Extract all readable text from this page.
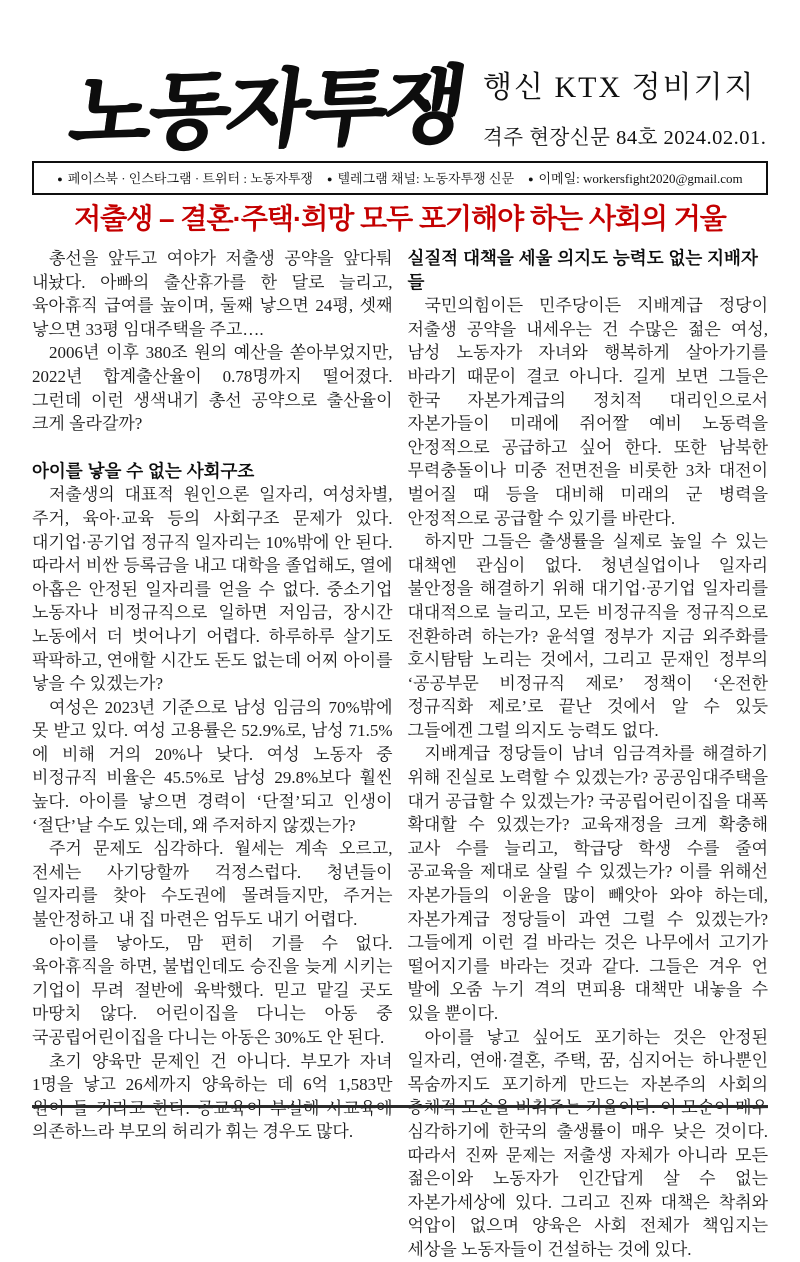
노동자투쟁 행신 KTX 정비기지
격주 현장신문 84호 2024.02.01.
● 페이스북 · 인스타그램 · 트위터 : 노동자투쟁 ● 텔레그램 채널: 노동자투쟁 신문 ● 이메일: workersfight2020@gmail.com
저출생 – 결혼·주택·희망 모두 포기해야 하는 사회의 거울

총선을 앞두고 여야가 저출생 공약을 앞다퉈 내놨다. 아빠의 출산휴가를 한 달로 늘리고, 육아휴직 급여를 높이며, 둘째 낳으면 24평, 셋째 낳으면 33평 임대주택을 주고….

2006년 이후 380조 원의 예산을 쏟아부었지만, 2022년 합계출산율이 0.78명까지 떨어졌다. 그런데 이런 생색내기 총선 공약으로 출산율이 크게 올라갈까?

아이를 낳을 수 없는 사회구조

저출생의 대표적 원인으론 일자리, 여성차별, 주거, 육아·교육 등의 사회구조 문제가 있다. 대기업·공기업 정규직 일자리는 10%밖에 안 된다. 따라서 비싼 등록금을 내고 대학을 졸업해도, 열에 아홉은 안정된 일자리를 얻을 수 없다. 중소기업 노동자나 비정규직으로 일하면 저임금, 장시간 노동에서 더 벗어나기 어렵다. 하루하루 살기도 팍팍하고, 연애할 시간도 돈도 없는데 어찌 아이를 낳을 수 있겠는가?

여성은 2023년 기준으로 남성 임금의 70%밖에 못 받고 있다. 여성 고용률은 52.9%로, 남성 71.5%에 비해 거의 20%나 낮다. 여성 노동자 중 비정규직 비율은 45.5%로 남성 29.8%보다 훨씬 높다. 아이를 낳으면 경력이 ‘단절’되고 인생이 ‘절단’날 수도 있는데, 왜 주저하지 않겠는가?

주거 문제도 심각하다. 월세는 계속 오르고, 전세는 사기당할까 걱정스럽다. 청년들이 일자리를 찾아 수도권에 몰려들지만, 주거는 불안정하고 내 집 마련은 엄두도 내기 어렵다.

아이를 낳아도, 맘 편히 기를 수 없다. 육아휴직을 하면, 불법인데도 승진을 늦게 시키는 기업이 무려 절반에 육박했다. 믿고 맡길 곳도 마땅치 않다. 어린이집을 다니는 아동 중 국공립어린이집을 다니는 아동은 30%도 안 된다.

초기 양육만 문제인 건 아니다. 부모가 자녀 1명을 낳고 26세까지 양육하는 데 6억 1,583만 원이 들 거라고 한다. 공교육이 부실해 사교육에 의존하느라 부모의 허리가 휘는 경우도 많다.

실질적 대책을 세울 의지도 능력도 없는 지배자들

국민의힘이든 민주당이든 지배계급 정당이 저출생 공약을 내세우는 건 수많은 젊은 여성, 남성 노동자가 자녀와 행복하게 살아가기를 바라기 때문이 결코 아니다. 길게 보면 그들은 한국 자본가계급의 정치적 대리인으로서 자본가들이 미래에 쥐어짤 예비 노동력을 안정적으로 공급하고 싶어 한다. 또한 남북한 무력충돌이나 미중 전면전을 비롯한 3차 대전이 벌어질 때 등을 대비해 미래의 군 병력을 안정적으로 공급할 수 있기를 바란다.

하지만 그들은 출생률을 실제로 높일 수 있는 대책엔 관심이 없다. 청년실업이나 일자리 불안정을 해결하기 위해 대기업·공기업 일자리를 대대적으로 늘리고, 모든 비정규직을 정규직으로 전환하려 하는가? 윤석열 정부가 지금 외주화를 호시탐탐 노리는 것에서, 그리고 문재인 정부의 ‘공공부문 비정규직 제로’ 정책이 ‘온전한 정규직화 제로’로 끝난 것에서 알 수 있듯 그들에겐 그럴 의지도 능력도 없다.

지배계급 정당들이 남녀 임금격차를 해결하기 위해 진실로 노력할 수 있겠는가? 공공임대주택을 대거 공급할 수 있겠는가? 국공립어린이집을 대폭 확대할 수 있겠는가? 교육재정을 크게 확충해 교사 수를 늘리고, 학급당 학생 수를 줄여 공교육을 제대로 살릴 수 있겠는가? 이를 위해선 자본가들의 이윤을 많이 빼앗아 와야 하는데, 자본가계급 정당들이 과연 그럴 수 있겠는가? 그들에게 이런 걸 바라는 것은 나무에서 고기가 떨어지기를 바라는 것과 같다. 그들은 겨우 언 발에 오줌 누기 격의 면피용 대책만 내놓을 수 있을 뿐이다.

아이를 낳고 싶어도 포기하는 것은 안정된 일자리, 연애·결혼, 주택, 꿈, 심지어는 하나뿐인 목숨까지도 포기하게 만드는 자본주의 사회의 총체적 모순을 비춰주는 거울이다. 이 모순이 매우 심각하기에 한국의 출생률이 매우 낮은 것이다. 따라서 진짜 문제는 저출생 자체가 아니라 모든 젊은이와 노동자가 인간답게 살 수 없는 자본가세상에 있다. 그리고 진짜 대책은 착취와 억압이 없으며 양육은 사회 전체가 책임지는 세상을 노동자들이 건설하는 것에 있다.
